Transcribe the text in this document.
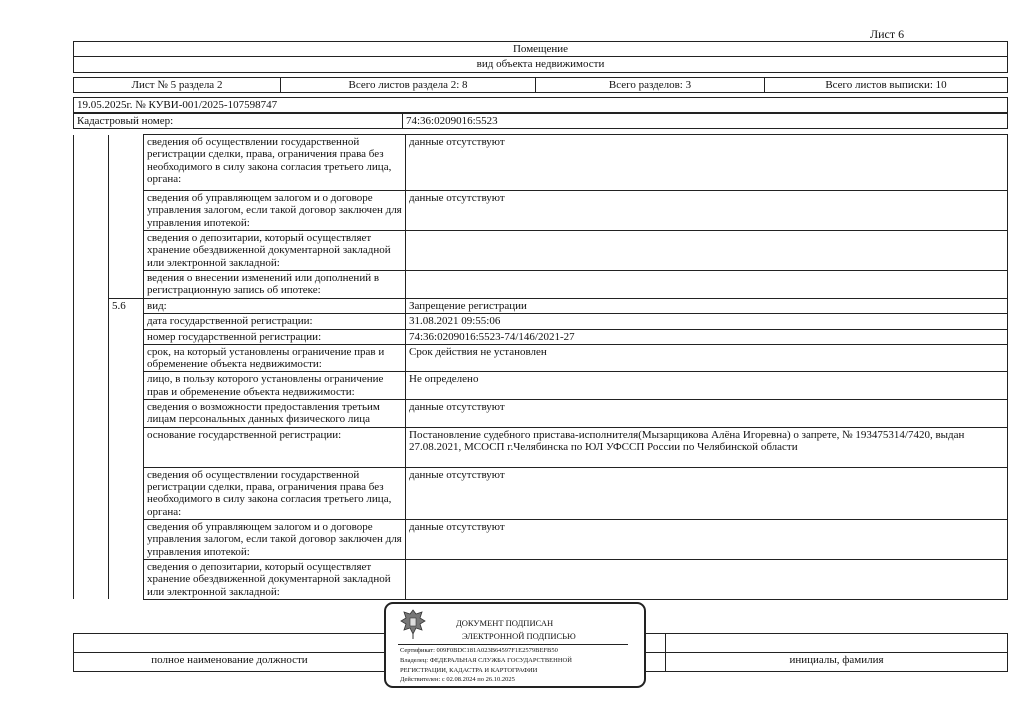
Лист 6
Помещение
вид объекта недвижимости
Лист № 5 раздела 2	Всего листов раздела 2: 8	Всего разделов: 3	Всего листов выписки: 10
19.05.2025г. № КУВИ-001/2025-107598747
Кадастровый номер:	74:36:0209016:5523
		сведения об осуществлении государственной регистрации сделки, права, ограничения права без необходимого в силу закона согласия третьего лица, органа:	данные отсутствуют
		сведения об управляющем залогом и о договоре управления залогом, если такой договор заключен для управления ипотекой:	данные отсутствуют
		сведения о депозитарии, который осуществляет хранение обездвиженной документарной закладной или электронной закладной:	
		ведения о внесении изменений или дополнений в регистрационную запись об ипотеке:	
	5.6	вид:	Запрещение регистрации
		дата государственной регистрации:	31.08.2021 09:55:06
		номер государственной регистрации:	74:36:0209016:5523-74/146/2021-27
		срок, на который установлены ограничение прав и обременение объекта недвижимости:	Срок действия не установлен
		лицо, в пользу которого установлены ограничение прав и обременение объекта недвижимости:	Не определено
		сведения о возможности предоставления третьим лицам персональных данных физического лица	данные отсутствуют
		основание государственной регистрации:	Постановление судебного пристава-исполнителя(Мызарщикова Алёна Игоревна) о запрете, № 193475314/7420, выдан 27.08.2021, МСОСП г.Челябинска по ЮЛ УФССП России по Челябинской области
		сведения об осуществлении государственной регистрации сделки, права, ограничения права без необходимого в силу закона согласия третьего лица, органа:	данные отсутствуют
		сведения об управляющем залогом и о договоре управления залогом, если такой договор заключен для управления ипотекой:	данные отсутствуют
		сведения о депозитарии, который осуществляет хранение обездвиженной документарной закладной или электронной закладной:	

полное наименование должности		инициалы, фамилия
ДОКУМЕНТ ПОДПИСАН
ЭЛЕКТРОННОЙ ПОДПИСЬЮ
Сертификат: 009F0BDC181A023B64597F1E2579BEFB50
Владелец: ФЕДЕРАЛЬНАЯ СЛУЖБА ГОСУДАРСТВЕННОЙ
РЕГИСТРАЦИИ, КАДАСТРА И КАРТОГРАФИИ
Действителен: с 02.08.2024 по 26.10.2025
